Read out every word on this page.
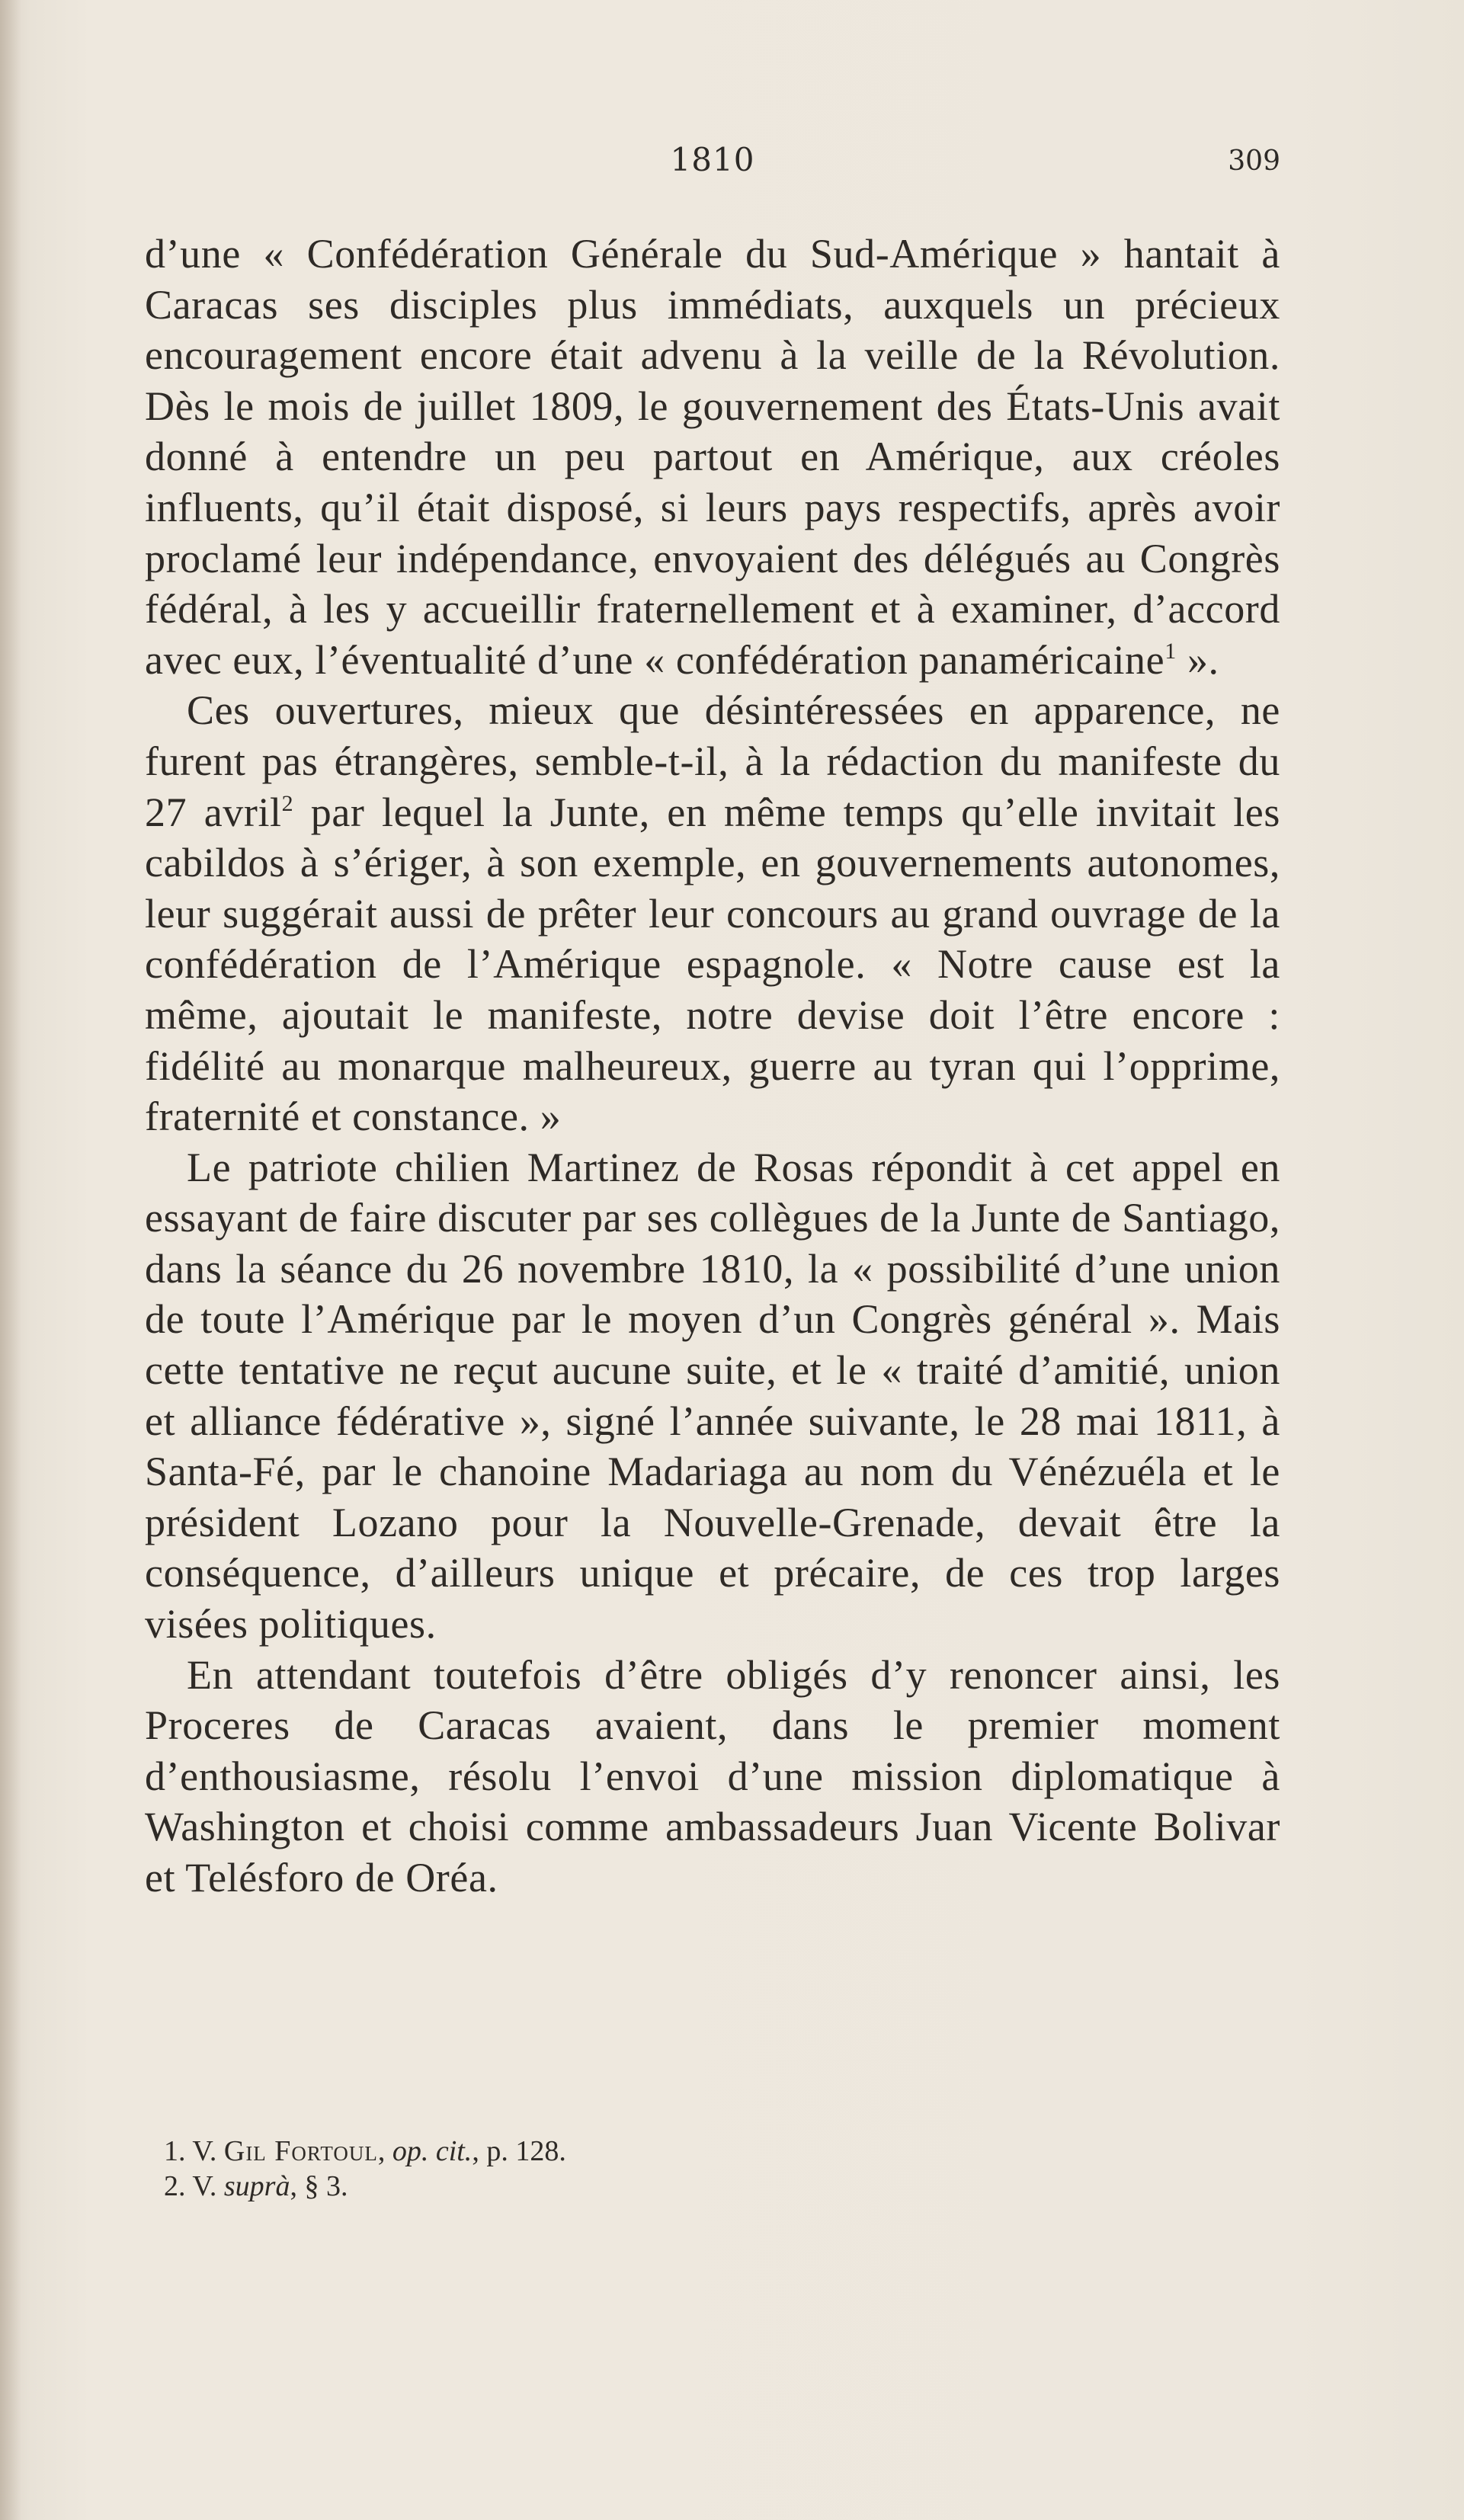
1810	309

d’une « Confédération Générale du Sud-Amérique » hantait à Caracas ses disciples plus immédiats, auxquels un précieux encouragement encore était advenu à la veille de la Révolution. Dès le mois de juillet 1809, le gouvernement des États-Unis avait donné à entendre un peu partout en Amérique, aux créoles influents, qu’il était disposé, si leurs pays respectifs, après avoir proclamé leur indépendance, envoyaient des délégués au Congrès fédéral, à les y accueillir fraternellement et à examiner, d’accord avec eux, l’éventualité d’une « confédération panaméricaine$^1$ ».

Ces ouvertures, mieux que désintéressées en apparence, ne furent pas étrangères, semble-t-il, à la rédaction du manifeste du 27 avril$^2$ par lequel la Junte, en même temps qu’elle invitait les cabildos à s’ériger, à son exemple, en gouvernements autonomes, leur suggérait aussi de prêter leur concours au grand ouvrage de la confédération de l’Amérique espagnole. « Notre cause est la même, ajoutait le manifeste, notre devise doit l’être encore : fidélité au monarque malheureux, guerre au tyran qui l’opprime, fraternité et constance. »

Le patriote chilien Martinez de Rosas répondit à cet appel en essayant de faire discuter par ses collègues de la Junte de Santiago, dans la séance du 26 novembre 1810, la « possibilité d’une union de toute l’Amérique par le moyen d’un Congrès général ». Mais cette tentative ne reçut aucune suite, et le « traité d’amitié, union et alliance fédérative », signé l’année suivante, le 28 mai 1811, à Santa-Fé, par le chanoine Madariaga au nom du Vénézuéla et le président Lozano pour la Nouvelle-Grenade, devait être la conséquence, d’ailleurs unique et précaire, de ces trop larges visées politiques.

En attendant toutefois d’être obligés d’y renoncer ainsi, les Proceres de Caracas avaient, dans le premier moment d’enthousiasme, résolu l’envoi d’une mission diplomatique à Washington et choisi comme ambassadeurs Juan Vicente Bolivar et Telésforo de Oréa.

1. V. Gil Fortoul, op. cit., p. 128.

2. V. suprà, § 3.
